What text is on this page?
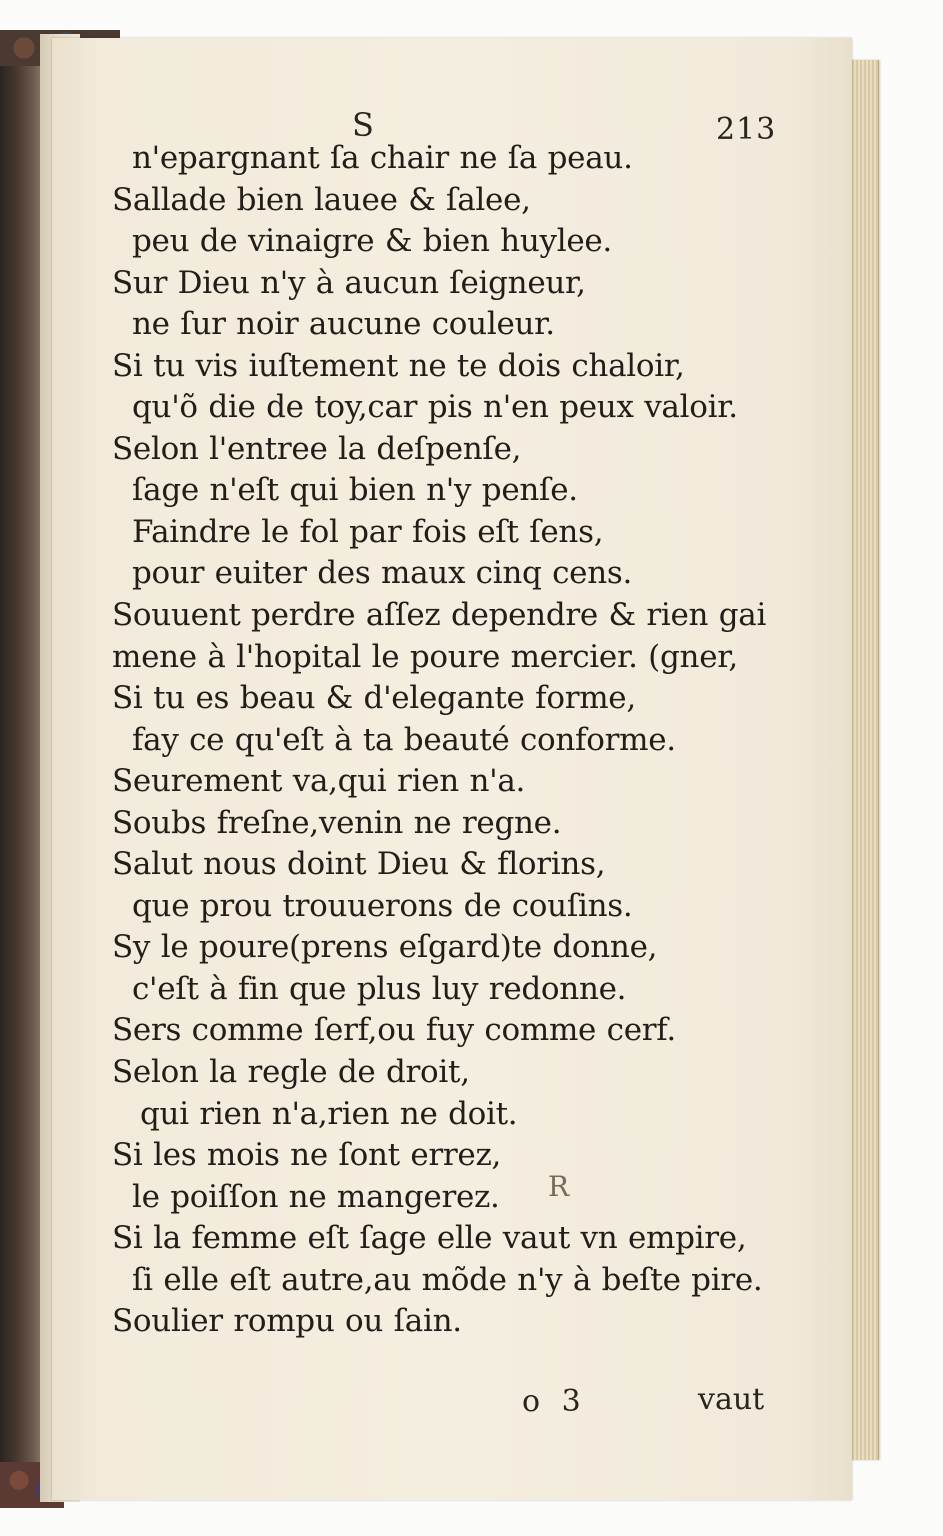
S	213
n'epargnant ſa chair ne ſa peau.
Sallade bien lauee & ſalee,
peu de vinaigre & bien huylee.
Sur Dieu n'y à aucun ſeigneur,
ne ſur noir aucune couleur.
Si tu vis iuſtement ne te dois chaloir,
qu'õ die de toy,car pis n'en peux valoir.
Selon l'entree la deſpenſe,
ſage n'eſt qui bien n'y penſe.
Faindre le fol par fois eſt ſens,
pour euiter des maux cinq cens.
Souuent perdre aſſez dependre & rien gai
mene à l'hopital le poure mercier. (gner,
Si tu es beau & d'elegante forme,
fay ce qu'eſt à ta beauté conforme.
Seurement va,qui rien n'a.
Soubs freſne,venin ne regne.
Salut nous doint Dieu & florins,
que prou trouuerons de couſins.
Sy le poure(prens eſgard)te donne,
c'eſt à fin que plus luy redonne.
Sers comme ſerf,ou fuy comme cerf.
Selon la regle de droit,
qui rien n'a,rien ne doit.
Si les mois ne ſont errez,
le poiſſon ne mangerez.
Si la femme eſt ſage elle vaut vn empire,
ſi elle eſt autre,au mõde n'y à beſte pire.
Soulier rompu ou ſain.
R
o 3	vaut
